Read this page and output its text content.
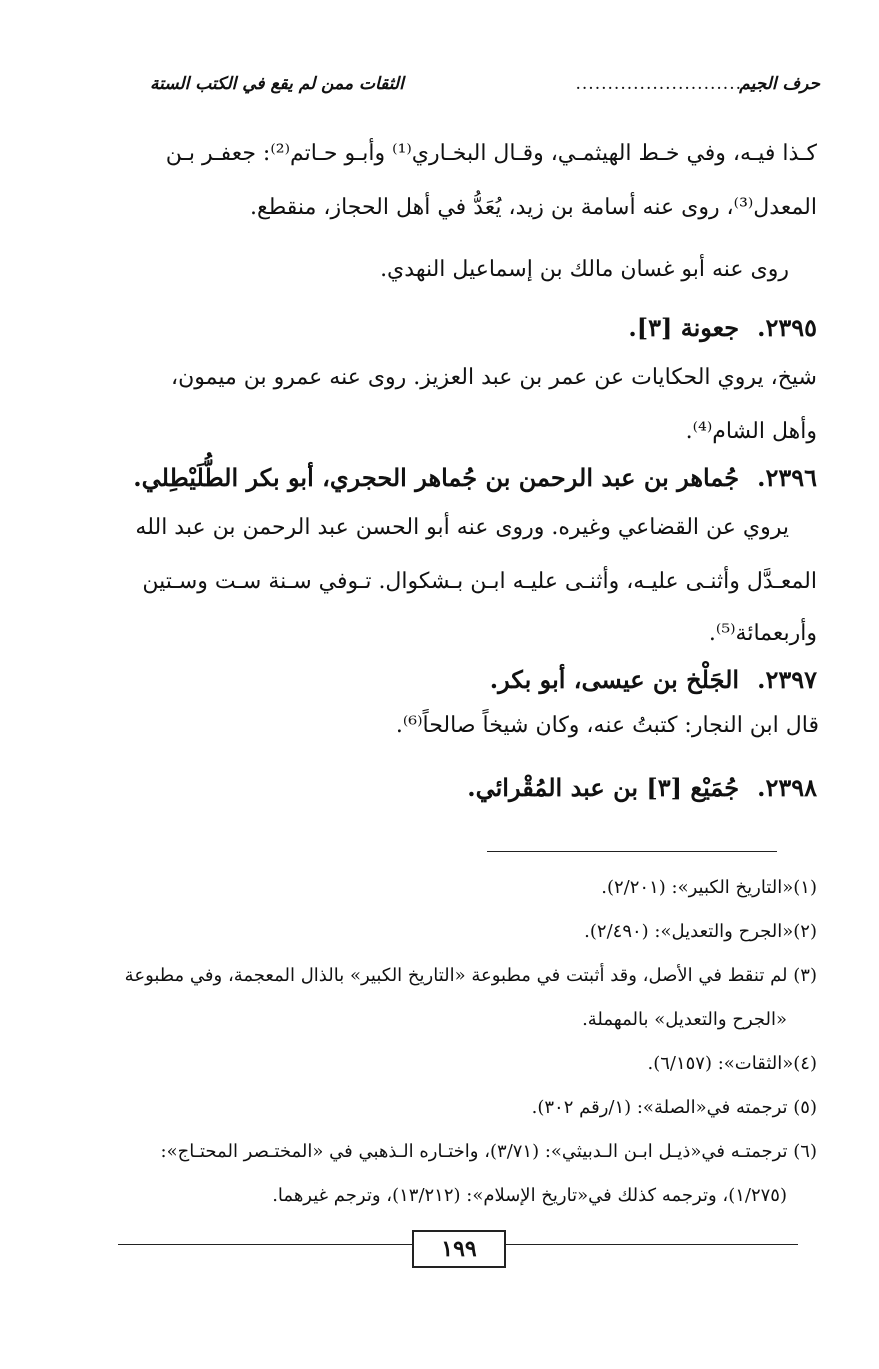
حرف الجيم
..........................
الثقات ممن لم يقع في الكتب الستة
كـذا فيـه، وفي خـط الهيثمـي، وقـال البخـاري⁽¹⁾ وأبـو حـاتم⁽²⁾: جعفـر بـن
المعدل⁽³⁾، روى عنه أسامة بن زيد، يُعَدُّ في أهل الحجاز، منقطع.
روى عنه أبو غسان مالك بن إسماعيل النهدي.
٢٣٩٥.جعونة [٣].
شيخ، يروي الحكايات عن عمر بن عبد العزيز. روى عنه عمرو بن ميمون،
وأهل الشام⁽⁴⁾.
٢٣٩٦.جُماهر بن عبد الرحمن بن جُماهر الحجري، أبو بكر الطُّلَيْطِلي.
يروي عن القضاعي وغيره. وروى عنه أبو الحسن عبد الرحمن بن عبد الله
المعـدَّل وأثنـى عليـه، وأثنـى عليـه ابـن بـشكوال. تـوفي سـنة سـت وسـتين
وأربعمائة⁽⁵⁾.
٢٣٩٧.الجَلْخ بن عيسى، أبو بكر.
قال ابن النجار: كتبتُ عنه، وكان شيخاً صالحاً⁽⁶⁾.
٢٣٩٨.جُمَيْع [٣] بن عبد المُقْرائي.
(١)«التاريخ الكبير»: (٢/٢٠١).
(٢)«الجرح والتعديل»: (٢/٤٩٠).
(٣) لم تنقط في الأصل، وقد أثبتت في مطبوعة «التاريخ الكبير» بالذال المعجمة، وفي مطبوعة
«الجرح والتعديل» بالمهملة.
(٤)«الثقات»: (٦/١٥٧).
(٥) ترجمته في«الصلة»: (١/رقم ٣٠٢).
(٦) ترجمتـه في«ذيـل ابـن الـدبيثي»: (٣/٧١)، واختـاره الـذهبي في «المختـصر المحتـاج»:
(١/٢٧٥)، وترجمه كذلك في«تاريخ الإسلام»: (١٣/٢١٢)، وترجم غيرهما.
١٩٩
